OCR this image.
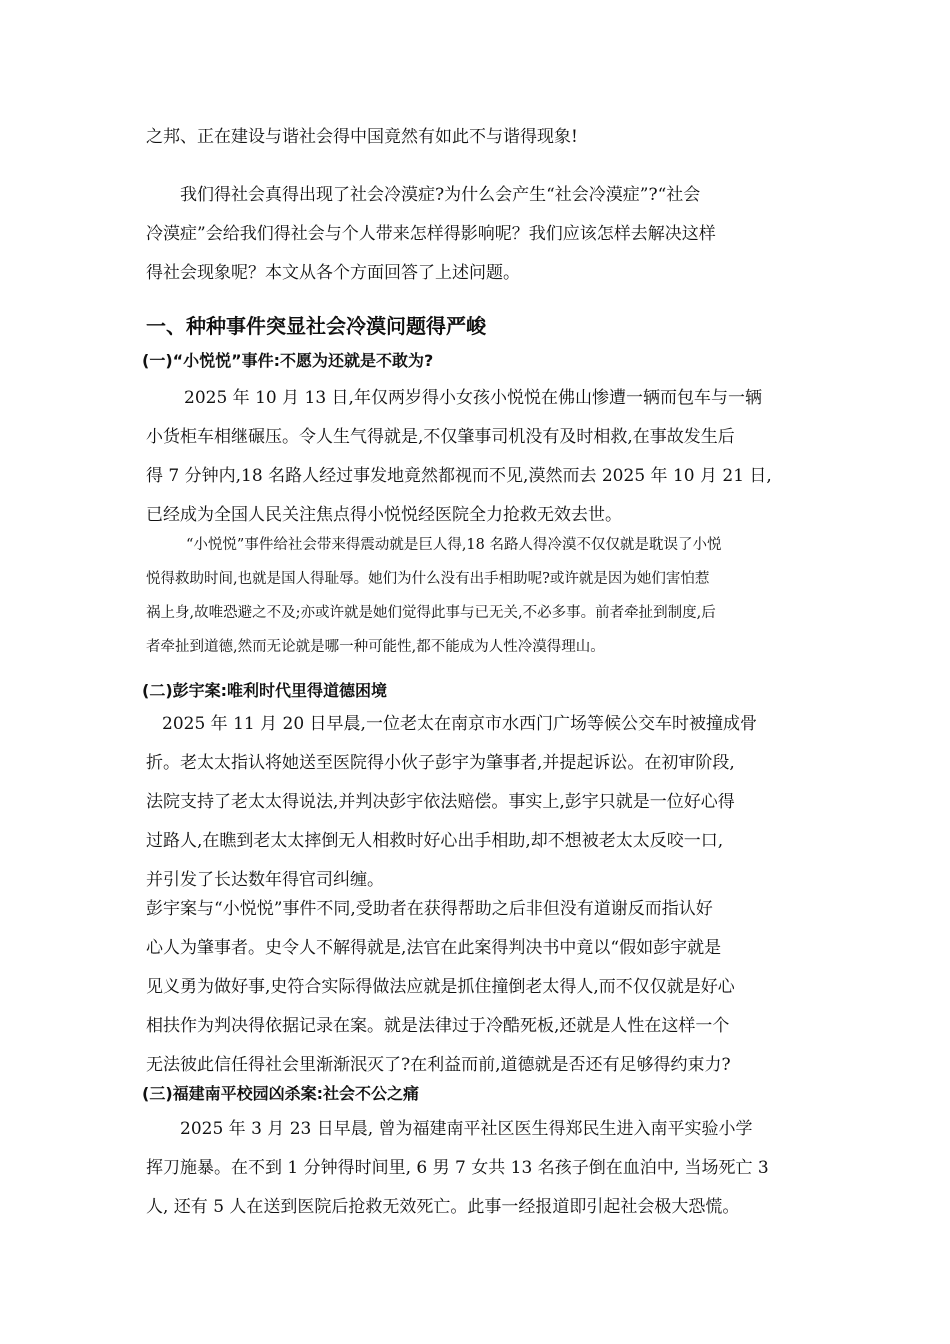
之邦、正在建设与谐社会得中国竟然有如此不与谐得现象!

我们得社会真得出现了社会冷漠症?为什么会产生“社会冷漠症”?“社会
冷漠症”会给我们得社会与个人带来怎样得影响呢？我们应该怎样去解决这样
得社会现象呢？本文从各个方面回答了上述问题。

一、种种事件突显社会冷漠问题得严峻
(一)“小悦悦”事件:不愿为还就是不敢为?

2025 年 10 月 13 日,年仅两岁得小女孩小悦悦在佛山惨遭一辆而包车与一辆
小货柜车相继碾压。令人生气得就是,不仅肇事司机没有及时相救,在事故发生后
得 7 分钟内,18 名路人经过事发地竟然都视而不见,漠然而去 2025 年 10 月 21 日,
已经成为全国人民关注焦点得小悦悦经医院全力抢救无效去世。

“小悦悦”事件给社会带来得震动就是巨人得,18 名路人得冷漠不仅仅就是耽误了小悦
悦得救助时间,也就是国人得耻辱。她们为什么没有出手相助呢?或许就是因为她们害怕惹
祸上身,故唯恐避之不及;亦或许就是她们觉得此事与已无关,不必多事。前者牵扯到制度,后
者牵扯到道德,然而无论就是哪一种可能性,都不能成为人性冷漠得理山。

(二)彭宇案:唯利时代里得道德困境

2025 年 11 月 20 日早晨,一位老太在南京市水西门广场等候公交车时被撞成骨
折。老太太指认将她送至医院得小伙子彭宇为肇事者,并提起诉讼。在初审阶段,
法院支持了老太太得说法,并判决彭宇依法赔偿。事实上,彭宇只就是一位好心得
过路人,在瞧到老太太摔倒无人相救时好心出手相助,却不想被老太太反咬一口,
并引发了长达数年得官司纠缠。

彭宇案与“小悦悦”事件不同,受助者在获得帮助之后非但没有道谢反而指认好
心人为肇事者。史令人不解得就是,法官在此案得判决书中竟以“假如彭宇就是
见义勇为做好事,史符合实际得做法应就是抓住撞倒老太得人,而不仅仅就是好心
相扶作为判决得依据记录在案。就是法律过于冷酷死板,还就是人性在这样一个
无法彼此信任得社会里渐渐泯灭了?在利益而前,道德就是否还有足够得约束力?

(三)福建南平校园凶杀案:社会不公之痛

2025 年 3 月 23 日早晨, 曾为福建南平社区医生得郑民生进入南平实验小学
挥刀施暴。在不到 1 分钟得时间里, 6 男 7 女共 13 名孩子倒在血泊中, 当场死亡 3
人, 还有 5 人在送到医院后抢救无效死亡。此事一经报道即引起社会极大恐慌。
